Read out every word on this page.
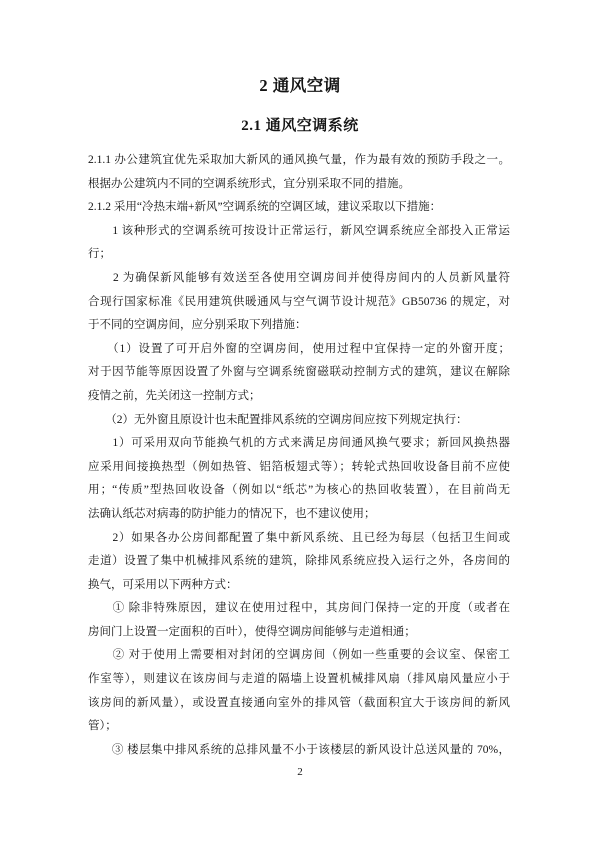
2 通风空调
2.1 通风空调系统
2.1.1 办公建筑宜优先采取加大新风的通风换气量，作为最有效的预防手段之一。
根据办公建筑内不同的空调系统形式，宜分别采取不同的措施。
2.1.2 采用“冷热末端+新风”空调系统的空调区域，建议采取以下措施：
　　1 该种形式的空调系统可按设计正常运行，新风空调系统应全部投入正常运
行；
　　2 为确保新风能够有效送至各使用空调房间并使得房间内的人员新风量符
合现行国家标准《民用建筑供暖通风与空气调节设计规范》GB50736 的规定，对
于不同的空调房间，应分别采取下列措施：
　　（1）设置了可开启外窗的空调房间，使用过程中宜保持一定的外窗开度；
对于因节能等原因设置了外窗与空调系统窗磁联动控制方式的建筑，建议在解除
疫情之前，先关闭这一控制方式；
　　（2）无外窗且原设计也未配置排风系统的空调房间应按下列规定执行：
　　1）可采用双向节能换气机的方式来满足房间通风换气要求；新回风换热器
应采用间接换热型（例如热管、铝箔板翅式等）；转轮式热回收设备目前不应使
用；“传质”型热回收设备（例如以“纸芯”为核心的热回收装置），在目前尚无
法确认纸芯对病毒的防护能力的情况下，也不建议使用；
　　2）如果各办公房间都配置了集中新风系统、且已经为每层（包括卫生间或
走道）设置了集中机械排风系统的建筑，除排风系统应投入运行之外，各房间的
换气，可采用以下两种方式：
　　① 除非特殊原因，建议在使用过程中，其房间门保持一定的开度（或者在
房间门上设置一定面积的百叶），使得空调房间能够与走道相通；
　　② 对于使用上需要相对封闭的空调房间（例如一些重要的会议室、保密工
作室等），则建议在该房间与走道的隔墙上设置机械排风扇（排风扇风量应小于
该房间的新风量），或设置直接通向室外的排风管（截面积宜大于该房间的新风
管）；
　　③ 楼层集中排风系统的总排风量不小于该楼层的新风设计总送风量的 70%，
2
